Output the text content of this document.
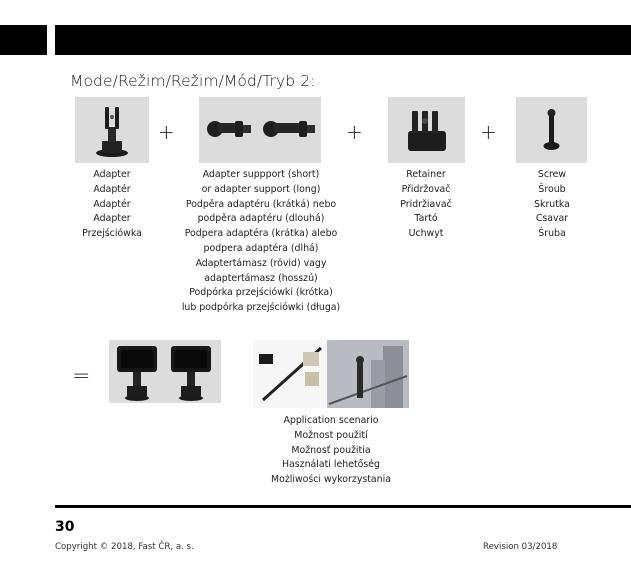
Mode/Režim/Režim/Mód/Tryb 2:
+	+	+
Adapter
Adaptér
Adaptér
Adapter
Przejściówka
Adapter suppport (short)
or adapter support (long)
Podpěra adaptéru (krátká) nebo
podpěra adaptéru (dlouhá)
Podpera adaptéra (krátka) alebo
podpera adaptéra (dlhá)
Adaptertámasz (rövid) vagy
adaptertámasz (hosszú)
Podpórka przejściówki (krótka)
lub podpórka przejściówki (długa)
Retainer
Přidržovač
Pridržiavač
Tartó
Uchwyt
Screw
Šroub
Skrutka
Csavar
Śruba
=
Application scenario
Možnost použití
Možnosť použitia
Használati lehetőség
Możliwości wykorzystania
30
Copyright © 2018, Fast ČR, a. s.	Revision 03/2018
